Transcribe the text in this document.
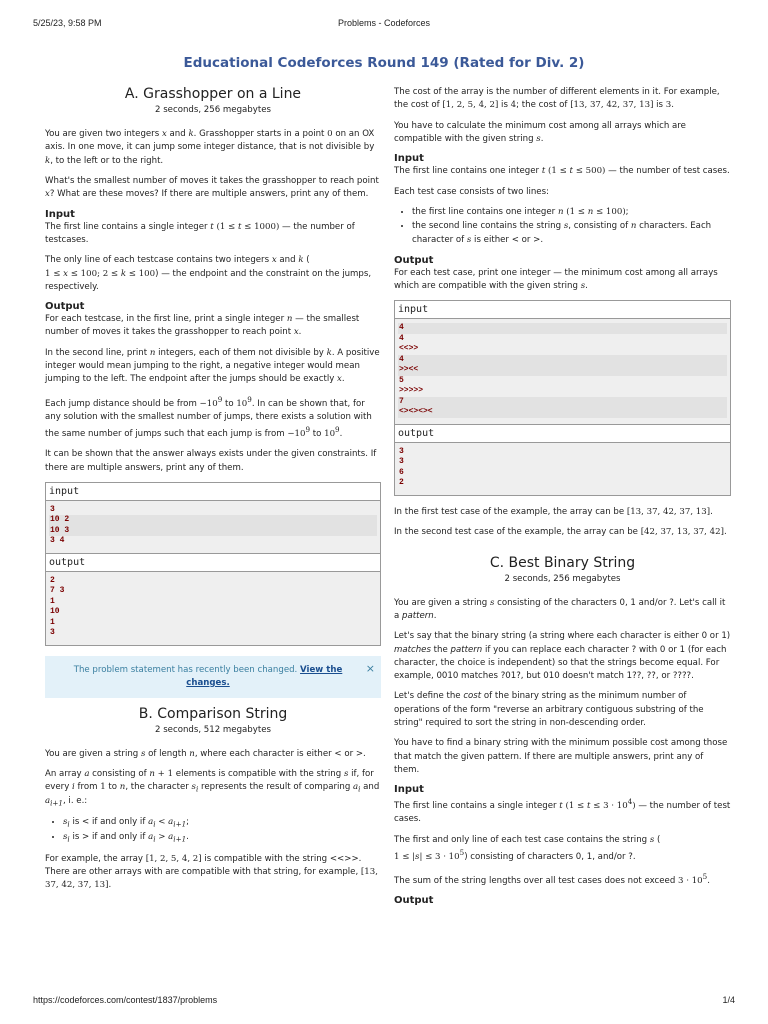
5/25/23, 9:58 PM	Problems - Codeforces
https://codeforces.com/contest/1837/problems	1/4
Educational Codeforces Round 149 (Rated for Div. 2)
A. Grasshopper on a Line
2 seconds, 256 megabytes

You are given two integers x and k. Grasshopper starts in a point 0 on an OX axis. In one move, it can jump some integer distance, that is not divisible by k, to the left or to the right.

What's the smallest number of moves it takes the grasshopper to reach point x? What are these moves? If there are multiple answers, print any of them.

Input

The first line contains a single integer t (1 ≤ t ≤ 1000) — the number of testcases.

The only line of each testcase contains two integers x and k (
1 ≤ x ≤ 100; 2 ≤ k ≤ 100) — the endpoint and the constraint on the jumps, respectively.

Output

For each testcase, in the first line, print a single integer n — the smallest number of moves it takes the grasshopper to reach point x.

In the second line, print n integers, each of them not divisible by k. A positive integer would mean jumping to the right, a negative integer would mean jumping to the left. The endpoint after the jumps should be exactly x.

Each jump distance should be from $-10^9$ to $10^9$. In can be shown that, for any solution with the smallest number of jumps, there exists a solution with the same number of jumps such that each jump is from $-10^9$ to $10^9$.

It can be shown that the answer always exists under the given constraints. If there are multiple answers, print any of them.

input
3
10 2
10 3
3 4
output
2
7 3
1
10
1
3
The problem statement has recently been changed. View the changes.
×
B. Comparison String
2 seconds, 512 megabytes

You are given a string s of length n, where each character is either < or >.

An array a consisting of n + 1 elements is compatible with the string s if, for every i from 1 to n, the character $s_i$ represents the result of comparing $a_i$ and $a_{i+1}$, i. e.:

• $s_i$ is < if and only if $a_i < a_{i+1}$;
• $s_i$ is > if and only if $a_i > a_{i+1}$.

For example, the array [1, 2, 5, 4, 2] is compatible with the string <<>>. There are other arrays with are compatible with that string, for example, [13, 37, 42, 37, 13].

The cost of the array is the number of different elements in it. For example, the cost of [1, 2, 5, 4, 2] is 4; the cost of [13, 37, 42, 37, 13] is 3.

You have to calculate the minimum cost among all arrays which are compatible with the given string s.

Input

The first line contains one integer t (1 ≤ t ≤ 500) — the number of test cases.

Each test case consists of two lines:

• the first line contains one integer n (1 ≤ n ≤ 100);
• the second line contains the string s, consisting of n characters. Each character of s is either < or >.
Output

For each test case, print one integer — the minimum cost among all arrays which are compatible with the given string s.

input
4
4
<<>>
4
>><<
5
>>>>>
7
<><><><
output
3
3
6
2

In the first test case of the example, the array can be [13, 37, 42, 37, 13].

In the second test case of the example, the array can be [42, 37, 13, 37, 42].

C. Best Binary String
2 seconds, 256 megabytes

You are given a string s consisting of the characters 0, 1 and/or ?. Let's call it a pattern.

Let's say that the binary string (a string where each character is either 0 or 1) matches the pattern if you can replace each character ? with 0 or 1 (for each character, the choice is independent) so that the strings become equal. For example, 0010 matches ?01?, but 010 doesn't match 1??, ??, or ????.

Let's define the cost of the binary string as the minimum number of operations of the form "reverse an arbitrary contiguous substring of the string" required to sort the string in non-descending order.

You have to find a binary string with the minimum possible cost among those that match the given pattern. If there are multiple answers, print any of them.

Input

The first line contains a single integer t $(1 \le t \le 3 \cdot 10^4)$ — the number of test cases.

The first and only line of each test case contains the string s (
$1 \le |s| \le 3 \cdot 10^5$) consisting of characters 0, 1, and/or ?.

The sum of the string lengths over all test cases does not exceed $3 \cdot 10^5$.

Output
